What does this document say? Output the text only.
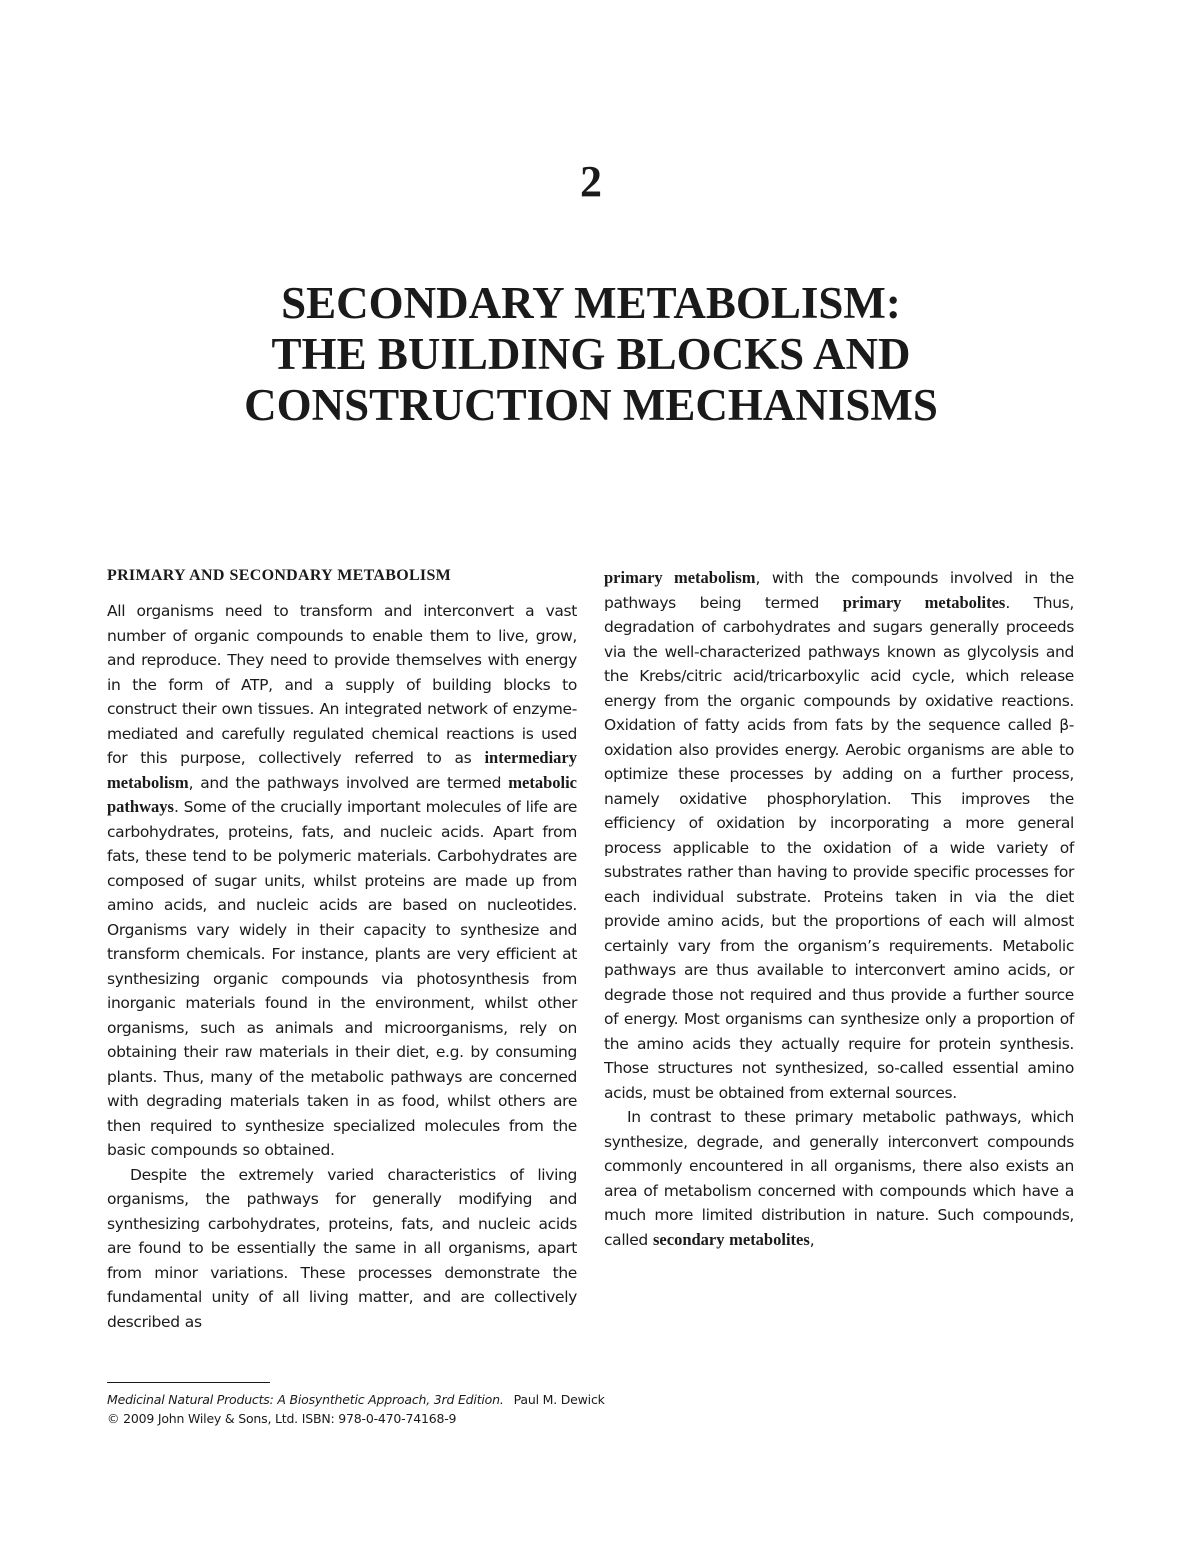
2
SECONDARY METABOLISM:
THE BUILDING BLOCKS AND
CONSTRUCTION MECHANISMS
PRIMARY AND SECONDARY METABOLISM

All organisms need to transform and interconvert a vast number of organic compounds to enable them to live, grow, and reproduce. They need to provide themselves with energy in the form of ATP, and a supply of building blocks to construct their own tissues. An integrated network of enzyme-mediated and carefully regulated chemical reactions is used for this purpose, collectively referred to as intermediary metabolism, and the pathways involved are termed metabolic pathways. Some of the crucially important molecules of life are carbohydrates, proteins, fats, and nucleic acids. Apart from fats, these tend to be polymeric materials. Carbohydrates are composed of sugar units, whilst proteins are made up from amino acids, and nucleic acids are based on nucleotides. Organisms vary widely in their capacity to synthesize and transform chemicals. For instance, plants are very efficient at synthesizing organic compounds via photosynthesis from inorganic materials found in the environment, whilst other organisms, such as animals and microorganisms, rely on obtaining their raw materials in their diet, e.g. by consuming plants. Thus, many of the metabolic pathways are concerned with degrading materials taken in as food, whilst others are then required to synthesize specialized molecules from the basic compounds so obtained.

Despite the extremely varied characteristics of living organisms, the pathways for generally modifying and synthesizing carbohydrates, proteins, fats, and nucleic acids are found to be essentially the same in all organisms, apart from minor variations. These processes demonstrate the fundamental unity of all living matter, and are collectively described as

primary metabolism, with the compounds involved in the pathways being termed primary metabolites. Thus, degradation of carbohydrates and sugars generally proceeds via the well-characterized pathways known as glycolysis and the Krebs/citric acid/tricarboxylic acid cycle, which release energy from the organic compounds by oxidative reactions. Oxidation of fatty acids from fats by the sequence called β-oxidation also provides energy. Aerobic organisms are able to optimize these processes by adding on a further process, namely oxidative phosphorylation. This improves the efficiency of oxidation by incorporating a more general process applicable to the oxidation of a wide variety of substrates rather than having to provide specific processes for each individual substrate. Proteins taken in via the diet provide amino acids, but the proportions of each will almost certainly vary from the organism’s requirements. Metabolic pathways are thus available to interconvert amino acids, or degrade those not required and thus provide a further source of energy. Most organisms can synthesize only a proportion of the amino acids they actually require for protein synthesis. Those structures not synthesized, so-called essential amino acids, must be obtained from external sources.

In contrast to these primary metabolic pathways, which synthesize, degrade, and generally interconvert compounds commonly encountered in all organisms, there also exists an area of metabolism concerned with compounds which have a much more limited distribution in nature. Such compounds, called secondary metabolites,

Medicinal Natural Products: A Biosynthetic Approach, 3rd Edition. Paul M. Dewick
© 2009 John Wiley & Sons, Ltd. ISBN: 978-0-470-74168-9
